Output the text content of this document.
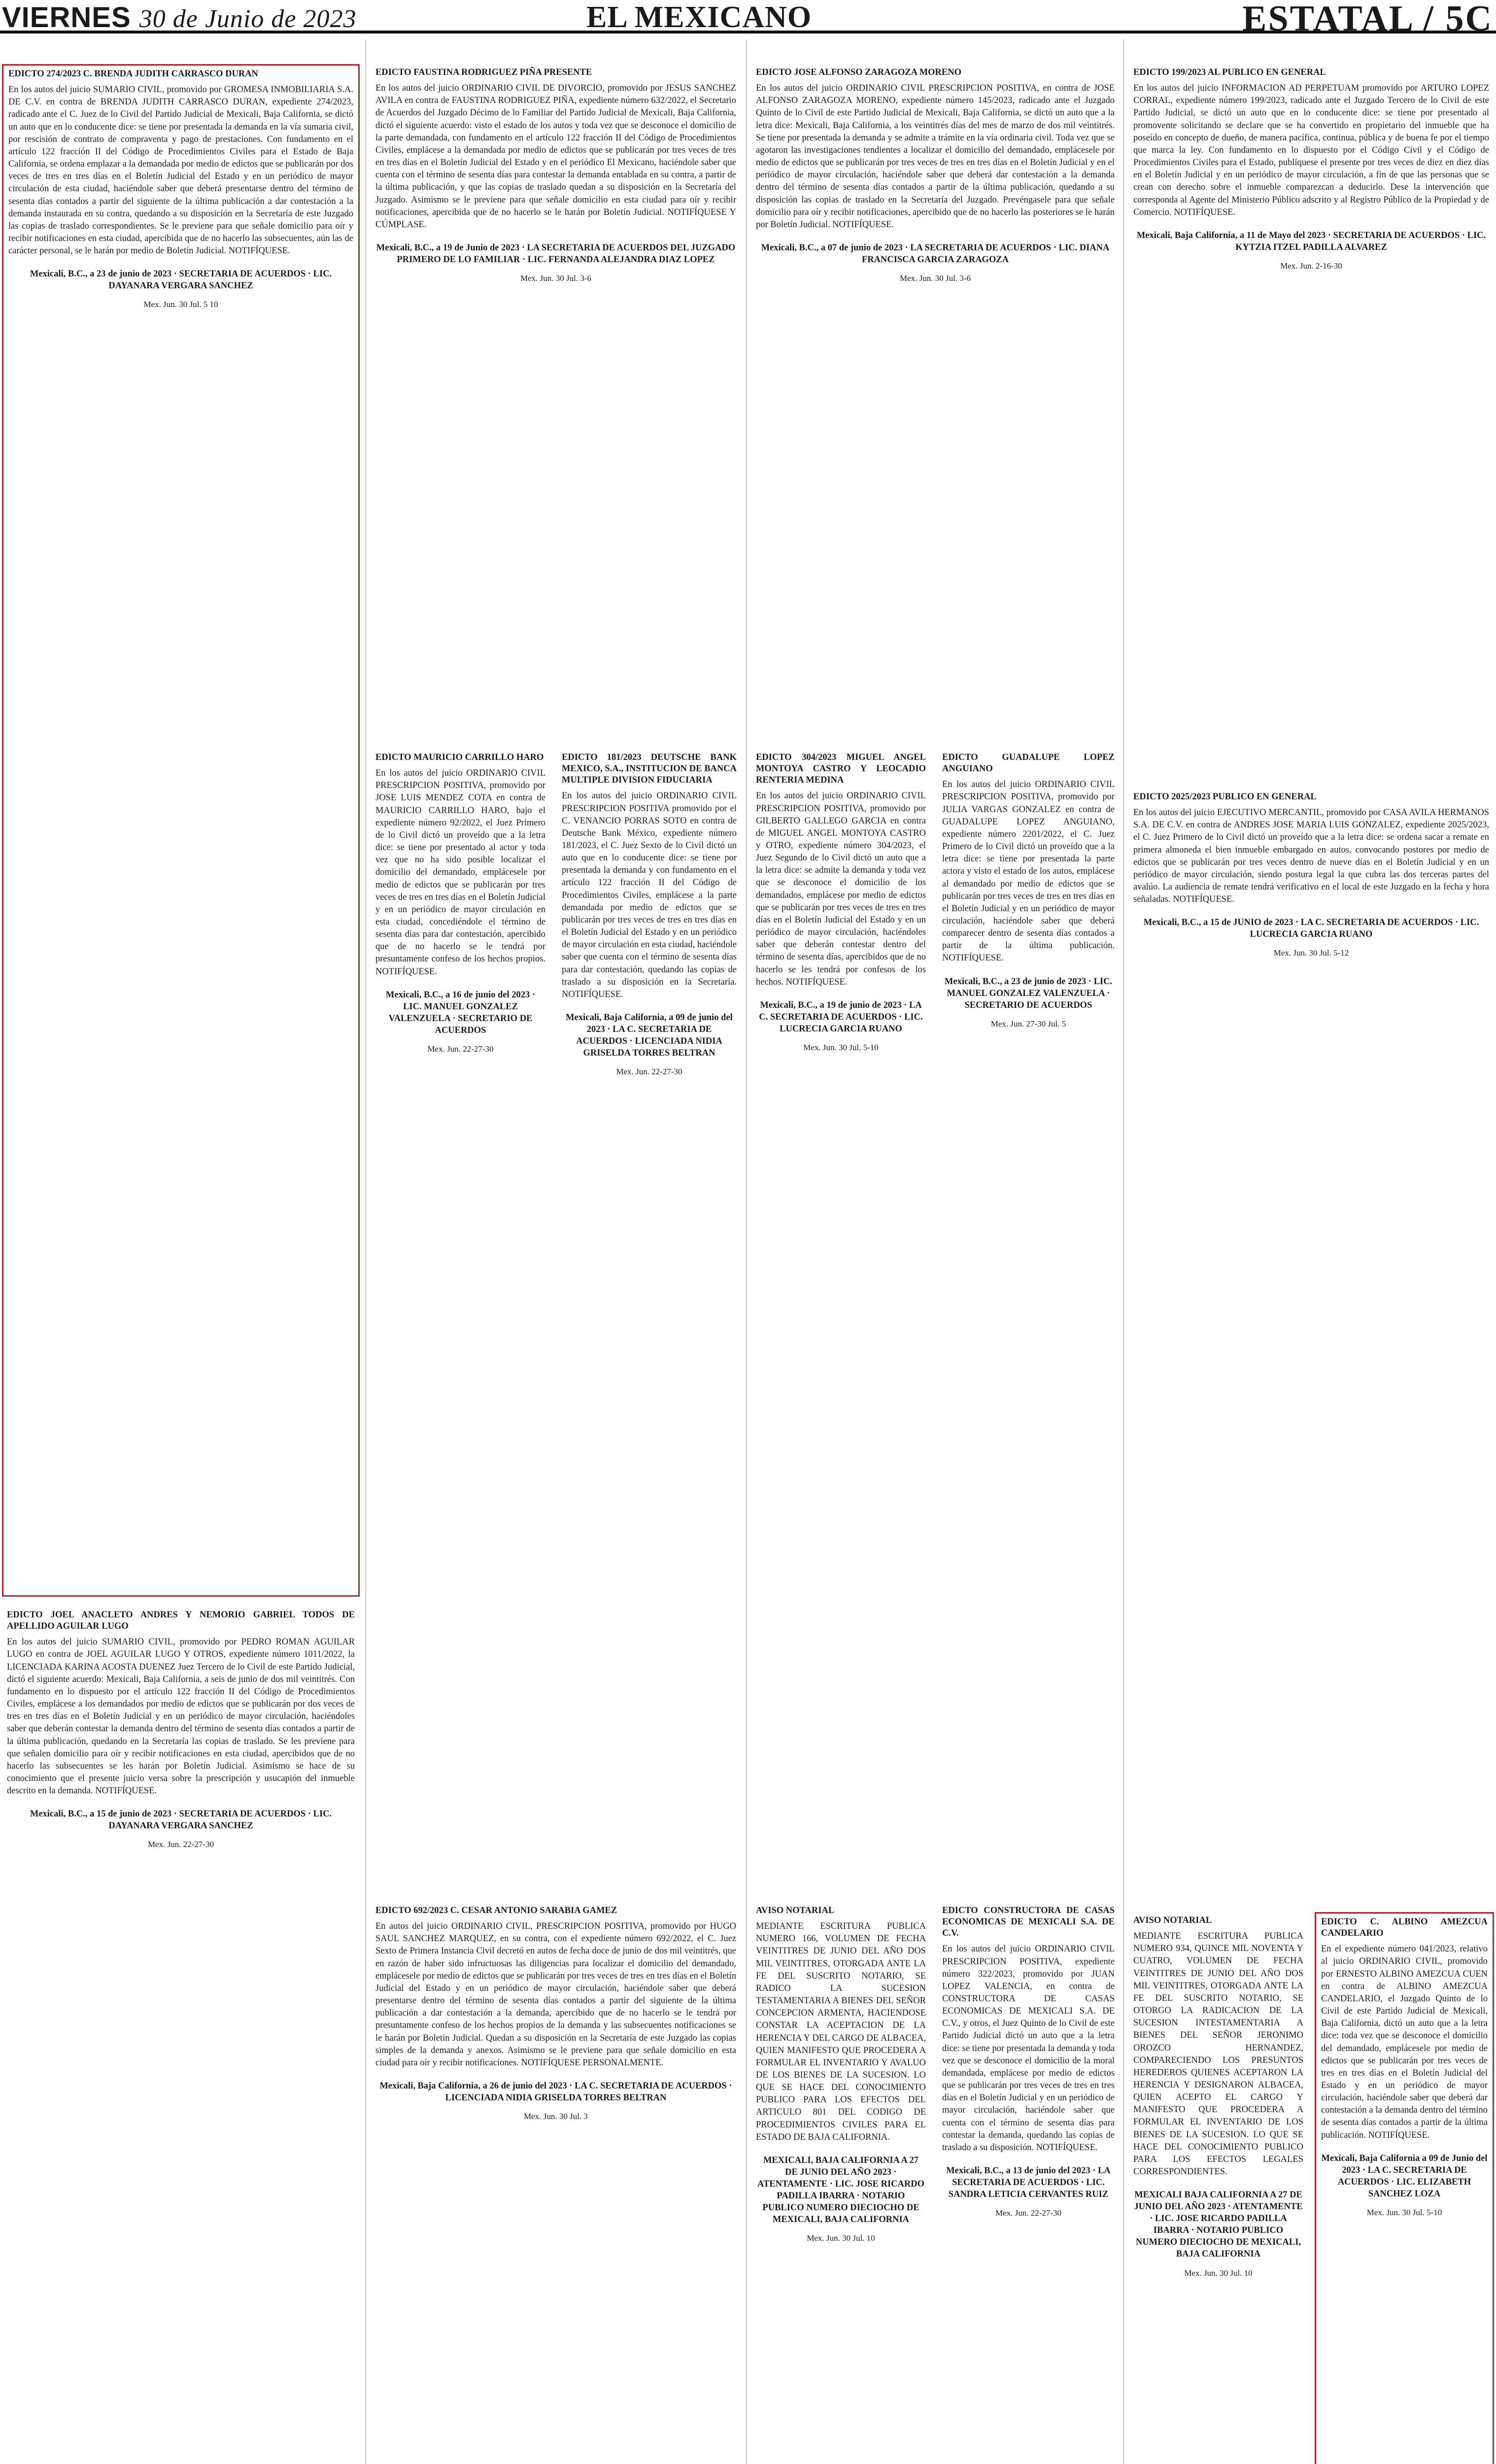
VIERNES 30 de Junio de 2023	EL MEXICANO	ESTATAL / 5C
EDICTO 274/2023 C. BRENDA JUDITH CARRASCO DURAN

En los autos del juicio SUMARIO CIVIL, promovido por GROMESA INMOBILIARIA S.A. DE C.V. en contra de BRENDA JUDITH CARRASCO DURAN, expediente 274/2023, radicado ante el C. Juez de lo Civil del Partido Judicial de Mexicali, Baja California, se dictó un auto que en lo conducente dice: se tiene por presentada la demanda en la vía sumaria civil, por rescisión de contrato de compraventa y pago de prestaciones. Con fundamento en el artículo 122 fracción II del Código de Procedimientos Civiles para el Estado de Baja California, se ordena emplazar a la demandada por medio de edictos que se publicarán por dos veces de tres en tres días en el Boletín Judicial del Estado y en un periódico de mayor circulación de esta ciudad, haciéndole saber que deberá presentarse dentro del término de sesenta días contados a partir del siguiente de la última publicación a dar contestación a la demanda instaurada en su contra, quedando a su disposición en la Secretaría de este Juzgado las copias de traslado correspondientes. Se le previene para que señale domicilio para oír y recibir notificaciones en esta ciudad, apercibida que de no hacerlo las subsecuentes, aún las de carácter personal, se le harán por medio de Boletín Judicial. NOTIFÍQUESE.

Mexicali, B.C., a 23 de junio de 2023 · SECRETARIA DE ACUERDOS · LIC. DAYANARA VERGARA SANCHEZ
Mex. Jun. 30 Jul. 5 10
EDICTO FAUSTINA RODRIGUEZ PIÑA PRESENTE

En los autos del juicio ORDINARIO CIVIL DE DIVORCIO, promovido por JESUS SANCHEZ AVILA en contra de FAUSTINA RODRIGUEZ PIÑA, expediente número 632/2022, el Secretario de Acuerdos del Juzgado Décimo de lo Familiar del Partido Judicial de Mexicali, Baja California, dictó el siguiente acuerdo: visto el estado de los autos y toda vez que se desconoce el domicilio de la parte demandada, con fundamento en el artículo 122 fracción II del Código de Procedimientos Civiles, emplácese a la demandada por medio de edictos que se publicarán por tres veces de tres en tres días en el Boletín Judicial del Estado y en el periódico El Mexicano, haciéndole saber que cuenta con el término de sesenta días para contestar la demanda entablada en su contra, a partir de la última publicación, y que las copias de traslado quedan a su disposición en la Secretaría del Juzgado. Asimismo se le previene para que señale domicilio en esta ciudad para oír y recibir notificaciones, apercibida que de no hacerlo se le harán por Boletín Judicial. NOTIFÍQUESE Y CÚMPLASE.

Mexicali, B.C., a 19 de Junio de 2023 · LA SECRETARIA DE ACUERDOS DEL JUZGADO PRIMERO DE LO FAMILIAR · LIC. FERNANDA ALEJANDRA DIAZ LOPEZ
Mex. Jun. 30 Jul. 3-6
EDICTO JOSE ALFONSO ZARAGOZA MORENO

En los autos del juicio ORDINARIO CIVIL PRESCRIPCION POSITIVA, en contra de JOSE ALFONSO ZARAGOZA MORENO, expediente número 145/2023, radicado ante el Juzgado Quinto de lo Civil de este Partido Judicial de Mexicali, Baja California, se dictó un auto que a la letra dice: Mexicali, Baja California, a los veintitrés días del mes de marzo de dos mil veintitrés. Se tiene por presentada la demanda y se admite a trámite en la vía ordinaria civil. Toda vez que se agotaron las investigaciones tendientes a localizar el domicilio del demandado, emplácesele por medio de edictos que se publicarán por tres veces de tres en tres días en el Boletín Judicial y en el periódico de mayor circulación, haciéndole saber que deberá dar contestación a la demanda dentro del término de sesenta días contados a partir de la última publicación, quedando a su disposición las copias de traslado en la Secretaría del Juzgado. Prevéngasele para que señale domicilio para oír y recibir notificaciones, apercibido que de no hacerlo las posteriores se le harán por Boletín Judicial. NOTIFÍQUESE.

Mexicali, B.C., a 07 de junio de 2023 · LA SECRETARIA DE ACUERDOS · LIC. DIANA FRANCISCA GARCIA ZARAGOZA
Mex. Jun. 30 Jul. 3-6
EDICTO 199/2023 AL PUBLICO EN GENERAL

En los autos del juicio INFORMACION AD PERPETUAM promovido por ARTURO LOPEZ CORRAL, expediente número 199/2023, radicado ante el Juzgado Tercero de lo Civil de este Partido Judicial, se dictó un auto que en lo conducente dice: se tiene por presentado al promovente solicitando se declare que se ha convertido en propietario del inmueble que ha poseído en concepto de dueño, de manera pacífica, continua, pública y de buena fe por el tiempo que marca la ley. Con fundamento en lo dispuesto por el Código Civil y el Código de Procedimientos Civiles para el Estado, publíquese el presente por tres veces de diez en diez días en el Boletín Judicial y en un periódico de mayor circulación, a fin de que las personas que se crean con derecho sobre el inmueble comparezcan a deducirlo. Dese la intervención que corresponda al Agente del Ministerio Público adscrito y al Registro Público de la Propiedad y de Comercio. NOTIFÍQUESE.

Mexicali, Baja California, a 11 de Mayo del 2023 · SECRETARIA DE ACUERDOS · LIC. KYTZIA ITZEL PADILLA ALVAREZ
Mex. Jun. 2-16-30
EDICTO MAURICIO CARRILLO HARO

En los autos del juicio ORDINARIO CIVIL PRESCRIPCION POSITIVA, promovido por JOSE LUIS MENDEZ COTA en contra de MAURICIO CARRILLO HARO, bajo el expediente número 92/2022, el Juez Primero de lo Civil dictó un proveído que a la letra dice: se tiene por presentado al actor y toda vez que no ha sido posible localizar el domicilio del demandado, emplácesele por medio de edictos que se publicarán por tres veces de tres en tres días en el Boletín Judicial y en un periódico de mayor circulación en esta ciudad, concediéndole el término de sesenta días para dar contestación, apercibido que de no hacerlo se le tendrá por presuntamente confeso de los hechos propios. NOTIFÍQUESE.

Mexicali, B.C., a 16 de junio del 2023 · LIC. MANUEL GONZALEZ VALENZUELA · SECRETARIO DE ACUERDOS
Mex. Jun. 22-27-30
EDICTO 181/2023 DEUTSCHE BANK MEXICO, S.A., INSTITUCION DE BANCA MULTIPLE DIVISION FIDUCIARIA

En los autos del juicio ORDINARIO CIVIL PRESCRIPCION POSITIVA promovido por el C. VENANCIO PORRAS SOTO en contra de Deutsche Bank México, expediente número 181/2023, el C. Juez Sexto de lo Civil dictó un auto que en lo conducente dice: se tiene por presentada la demanda y con fundamento en el artículo 122 fracción II del Código de Procedimientos Civiles, emplácese a la parte demandada por medio de edictos que se publicarán por tres veces de tres en tres días en el Boletín Judicial del Estado y en un periódico de mayor circulación en esta ciudad, haciéndole saber que cuenta con el término de sesenta días para dar contestación, quedando las copias de traslado a su disposición en la Secretaría. NOTIFÍQUESE.

Mexicali, Baja California, a 09 de junio del 2023 · LA C. SECRETARIA DE ACUERDOS · LICENCIADA NIDIA GRISELDA TORRES BELTRAN
Mex. Jun. 22-27-30
EDICTO 304/2023 MIGUEL ANGEL MONTOYA CASTRO Y LEOCADIO RENTERIA MEDINA

En los autos del juicio ORDINARIO CIVIL PRESCRIPCION POSITIVA, promovido por GILBERTO GALLEGO GARCIA en contra de MIGUEL ANGEL MONTOYA CASTRO y OTRO, expediente número 304/2023, el Juez Segundo de lo Civil dictó un auto que a la letra dice: se admite la demanda y toda vez que se desconoce el domicilio de los demandados, emplácese por medio de edictos que se publicarán por tres veces de tres en tres días en el Boletín Judicial del Estado y en un periódico de mayor circulación, haciéndoles saber que deberán contestar dentro del término de sesenta días, apercibidos que de no hacerlo se les tendrá por confesos de los hechos. NOTIFÍQUESE.

Mexicali, B.C., a 19 de junio de 2023 · LA C. SECRETARIA DE ACUERDOS · LIC. LUCRECIA GARCIA RUANO
Mex. Jun. 30 Jul. 5-10
EDICTO GUADALUPE LOPEZ ANGUIANO

En los autos del juicio ORDINARIO CIVIL PRESCRIPCION POSITIVA, promovido por JULIA VARGAS GONZALEZ en contra de GUADALUPE LOPEZ ANGUIANO, expediente número 2201/2022, el C. Juez Primero de lo Civil dictó un proveído que a la letra dice: se tiene por presentada la parte actora y visto el estado de los autos, emplácese al demandado por medio de edictos que se publicarán por tres veces de tres en tres días en el Boletín Judicial y en un periódico de mayor circulación, haciéndole saber que deberá comparecer dentro de sesenta días contados a partir de la última publicación. NOTIFÍQUESE.

Mexicali, B.C., a 23 de junio de 2023 · LIC. MANUEL GONZALEZ VALENZUELA · SECRETARIO DE ACUERDOS
Mex. Jun. 27-30 Jul. 5
EDICTO 2025/2023 PUBLICO EN GENERAL

En los autos del juicio EJECUTIVO MERCANTIL, promovido por CASA AVILA HERMANOS S.A. DE C.V. en contra de ANDRES JOSE MARIA LUIS GONZALEZ, expediente 2025/2023, el C. Juez Primero de lo Civil dictó un proveído que a la letra dice: se ordena sacar a remate en primera almoneda el bien inmueble embargado en autos, convocando postores por medio de edictos que se publicarán por tres veces dentro de nueve días en el Boletín Judicial y en un periódico de mayor circulación, siendo postura legal la que cubra las dos terceras partes del avalúo. La audiencia de remate tendrá verificativo en el local de este Juzgado en la fecha y hora señaladas. NOTIFÍQUESE.

Mexicali, B.C., a 15 de JUNIO de 2023 · LA C. SECRETARIA DE ACUERDOS · LIC. LUCRECIA GARCIA RUANO
Mex. Jun. 30 Jul. 5-12
EDICTO JOEL ANACLETO ANDRES Y NEMORIO GABRIEL TODOS DE APELLIDO AGUILAR LUGO

En los autos del juicio SUMARIO CIVIL, promovido por PEDRO ROMAN AGUILAR LUGO en contra de JOEL AGUILAR LUGO Y OTROS, expediente número 1011/2022, la LICENCIADA KARINA ACOSTA DUENEZ Juez Tercero de lo Civil de este Partido Judicial, dictó el siguiente acuerdo: Mexicali, Baja California, a seis de junio de dos mil veintitrés. Con fundamento en lo dispuesto por el artículo 122 fracción II del Código de Procedimientos Civiles, emplácese a los demandados por medio de edictos que se publicarán por dos veces de tres en tres días en el Boletín Judicial y en un periódico de mayor circulación, haciéndoles saber que deberán contestar la demanda dentro del término de sesenta días contados a partir de la última publicación, quedando en la Secretaría las copias de traslado. Se les previene para que señalen domicilio para oír y recibir notificaciones en esta ciudad, apercibidos que de no hacerlo las subsecuentes se les harán por Boletín Judicial. Asimismo se hace de su conocimiento que el presente juicio versa sobre la prescripción y usucapión del inmueble descrito en la demanda. NOTIFÍQUESE.

Mexicali, B.C., a 15 de junio de 2023 · SECRETARIA DE ACUERDOS · LIC. DAYANARA VERGARA SANCHEZ
Mex. Jun. 22-27-30
EDICTO 692/2023 C. CESAR ANTONIO SARABIA GAMEZ

En autos del juicio ORDINARIO CIVIL, PRESCRIPCION POSITIVA, promovido por HUGO SAUL SANCHEZ MARQUEZ, en su contra, con el expediente número 692/2022, el C. Juez Sexto de Primera Instancia Civil decretó en autos de fecha doce de junio de dos mil veintitrés, que en razón de haber sido infructuosas las diligencias para localizar el domicilio del demandado, emplácesele por medio de edictos que se publicarán por tres veces de tres en tres días en el Boletín Judicial del Estado y en un periódico de mayor circulación, haciéndole saber que deberá presentarse dentro del término de sesenta días contados a partir del siguiente de la última publicación a dar contestación a la demanda, apercibido que de no hacerlo se le tendrá por presuntamente confeso de los hechos propios de la demanda y las subsecuentes notificaciones se le harán por Boletín Judicial. Quedan a su disposición en la Secretaría de este Juzgado las copias simples de la demanda y anexos. Asimismo se le previene para que señale domicilio en esta ciudad para oír y recibir notificaciones. NOTIFÍQUESE PERSONALMENTE.

Mexicali, Baja California, a 26 de junio del 2023 · LA C. SECRETARIA DE ACUERDOS · LICENCIADA NIDIA GRISELDA TORRES BELTRAN
Mex. Jun. 30 Jul. 3
AVISO NOTARIAL

MEDIANTE ESCRITURA PUBLICA NUMERO 166, VOLUMEN DE FECHA VEINTITRES DE JUNIO DEL AÑO DOS MIL VEINTITRES, OTORGADA ANTE LA FE DEL SUSCRITO NOTARIO, SE RADICO LA SUCESION TESTAMENTARIA A BIENES DEL SEÑOR CONCEPCION ARMENTA, HACIENDOSE CONSTAR LA ACEPTACION DE LA HERENCIA Y DEL CARGO DE ALBACEA, QUIEN MANIFESTO QUE PROCEDERA A FORMULAR EL INVENTARIO Y AVALUO DE LOS BIENES DE LA SUCESION. LO QUE SE HACE DEL CONOCIMIENTO PUBLICO PARA LOS EFECTOS DEL ARTICULO 801 DEL CODIGO DE PROCEDIMIENTOS CIVILES PARA EL ESTADO DE BAJA CALIFORNIA.

MEXICALI, BAJA CALIFORNIA A 27 DE JUNIO DEL AÑO 2023 · ATENTAMENTE · LIC. JOSE RICARDO PADILLA IBARRA · NOTARIO PUBLICO NUMERO DIECIOCHO DE MEXICALI, BAJA CALIFORNIA
Mex. Jun. 30 Jul. 10
EDICTO CONSTRUCTORA DE CASAS ECONOMICAS DE MEXICALI S.A. DE C.V.

En los autos del juicio ORDINARIO CIVIL PRESCRIPCION POSITIVA, expediente número 322/2023, promovido por JUAN LOPEZ VALENCIA, en contra de CONSTRUCTORA DE CASAS ECONOMICAS DE MEXICALI S.A. DE C.V., y otros, el Juez Quinto de lo Civil de este Partido Judicial dictó un auto que a la letra dice: se tiene por presentada la demanda y toda vez que se desconoce el domicilio de la moral demandada, emplácese por medio de edictos que se publicarán por tres veces de tres en tres días en el Boletín Judicial y en un periódico de mayor circulación, haciéndole saber que cuenta con el término de sesenta días para contestar la demanda, quedando las copias de traslado a su disposición. NOTIFÍQUESE.

Mexicali, B.C., a 13 de junio del 2023 · LA SECRETARIA DE ACUERDOS · LIC. SANDRA LETICIA CERVANTES RUIZ
Mex. Jun. 22-27-30
AVISO NOTARIAL

MEDIANTE ESCRITURA PUBLICA NUMERO 934, QUINCE MIL NOVENTA Y CUATRO, VOLUMEN DE FECHA VEINTITRES DE JUNIO DEL AÑO DOS MIL VEINTITRES, OTORGADA ANTE LA FE DEL SUSCRITO NOTARIO, SE OTORGO LA RADICACION DE LA SUCESION INTESTAMENTARIA A BIENES DEL SEÑOR JERONIMO OROZCO HERNANDEZ, COMPARECIENDO LOS PRESUNTOS HEREDEROS QUIENES ACEPTARON LA HERENCIA Y DESIGNARON ALBACEA, QUIEN ACEPTO EL CARGO Y MANIFESTO QUE PROCEDERA A FORMULAR EL INVENTARIO DE LOS BIENES DE LA SUCESION. LO QUE SE HACE DEL CONOCIMIENTO PUBLICO PARA LOS EFECTOS LEGALES CORRESPONDIENTES.

MEXICALI BAJA CALIFORNIA A 27 DE JUNIO DEL AÑO 2023 · ATENTAMENTE · LIC. JOSE RICARDO PADILLA IBARRA · NOTARIO PUBLICO NUMERO DIECIOCHO DE MEXICALI, BAJA CALIFORNIA
Mex. Jun. 30 Jul. 10
EDICTO C. ALBINO AMEZCUA CANDELARIO

En el expediente número 041/2023, relativo al juicio ORDINARIO CIVIL, promovido por ERNESTO ALBINO AMEZCUA CUEN en contra de ALBINO AMEZCUA CANDELARIO, el Juzgado Quinto de lo Civil de este Partido Judicial de Mexicali, Baja California, dictó un auto que a la letra dice: toda vez que se desconoce el domicilio del demandado, emplácesele por medio de edictos que se publicarán por tres veces de tres en tres días en el Boletín Judicial del Estado y en un periódico de mayor circulación, haciéndole saber que deberá dar contestación a la demanda dentro del término de sesenta días contados a partir de la última publicación. NOTIFÍQUESE.

Mexicali, Baja California a 09 de Junio del 2023 · LA C. SECRETARIA DE ACUERDOS · LIC. ELIZABETH SANCHEZ LOZA
Mex. Jun. 30 Jul. 5-10
